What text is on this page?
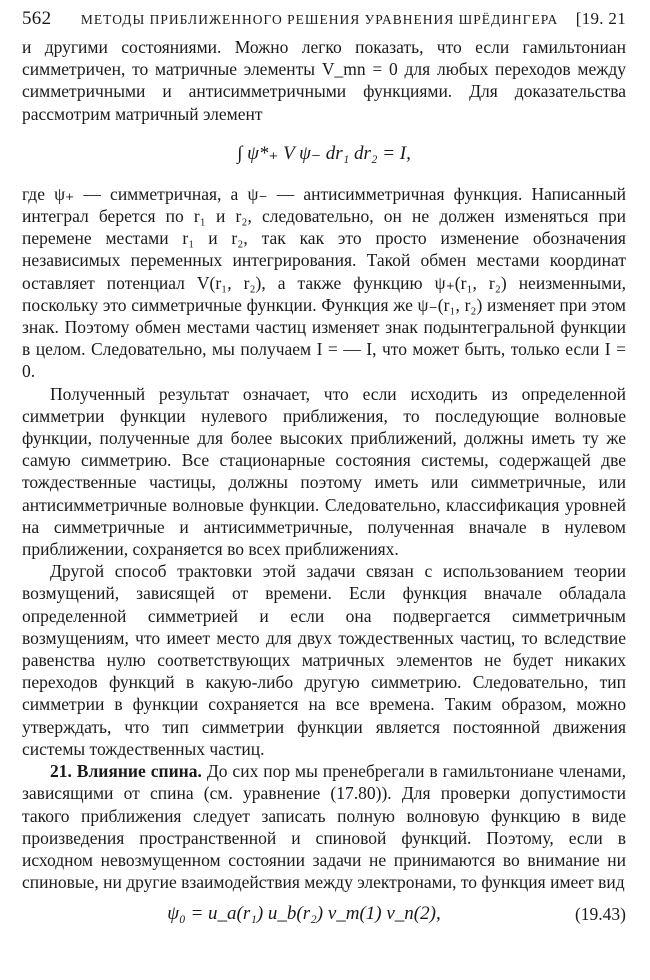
562	МЕТОДЫ ПРИБЛИЖЕННОГО РЕШЕНИЯ УРАВНЕНИЯ ШРЁДИНГЕРА	[19. 21

и другими состояниями. Можно легко показать, что если гамильтониан симметричен, то матричные элементы V_mn = 0 для любых переходов между симметричными и антисимметричными функциями. Для доказательства рассмотрим матричный элемент

∫ ψ*₊ V ψ₋ dr₁ dr₂ = I,

где ψ₊ — симметричная, а ψ₋ — антисимметричная функция. Написанный интеграл берется по r₁ и r₂, следовательно, он не должен изменяться при перемене местами r₁ и r₂, так как это просто изменение обозначения независимых переменных интегрирования. Такой обмен местами координат оставляет потенциал V(r₁, r₂), а также функцию ψ₊(r₁, r₂) неизменными, поскольку это симметричные функции. Функция же ψ₋(r₁, r₂) изменяет при этом знак. Поэтому обмен местами частиц изменяет знак подынтегральной функции в целом. Следовательно, мы получаем I = — I, что может быть, только если I = 0.

Полученный результат означает, что если исходить из определенной симметрии функции нулевого приближения, то последующие волновые функции, полученные для более высоких приближений, должны иметь ту же самую симметрию. Все стационарные состояния системы, содержащей две тождественные частицы, должны поэтому иметь или симметричные, или антисимметричные волновые функции. Следовательно, классификация уровней на симметричные и антисимметричные, полученная вначале в нулевом приближении, сохраняется во всех приближениях.

Другой способ трактовки этой задачи связан с использованием теории возмущений, зависящей от времени. Если функция вначале обладала определенной симметрией и если она подвергается симметричным возмущениям, что имеет место для двух тождественных частиц, то вследствие равенства нулю соответствующих матричных элементов не будет никаких переходов функций в какую-либо другую симметрию. Следовательно, тип симметрии в функции сохраняется на все времена. Таким образом, можно утверждать, что тип симметрии функции является постоянной движения системы тождественных частиц.

21. Влияние спина. До сих пор мы пренебрегали в гамильтониане членами, зависящими от спина (см. уравнение (17.80)). Для проверки допустимости такого приближения следует записать полную волновую функцию в виде произведения пространственной и спиновой функций. Поэтому, если в исходном невозмущенном состоянии задачи не принимаются во внимание ни спиновые, ни другие взаимодействия между электронами, то функция имеет вид

ψ₀ = u_a(r₁) u_b(r₂) v_m(1) v_n(2),	(19.43)
